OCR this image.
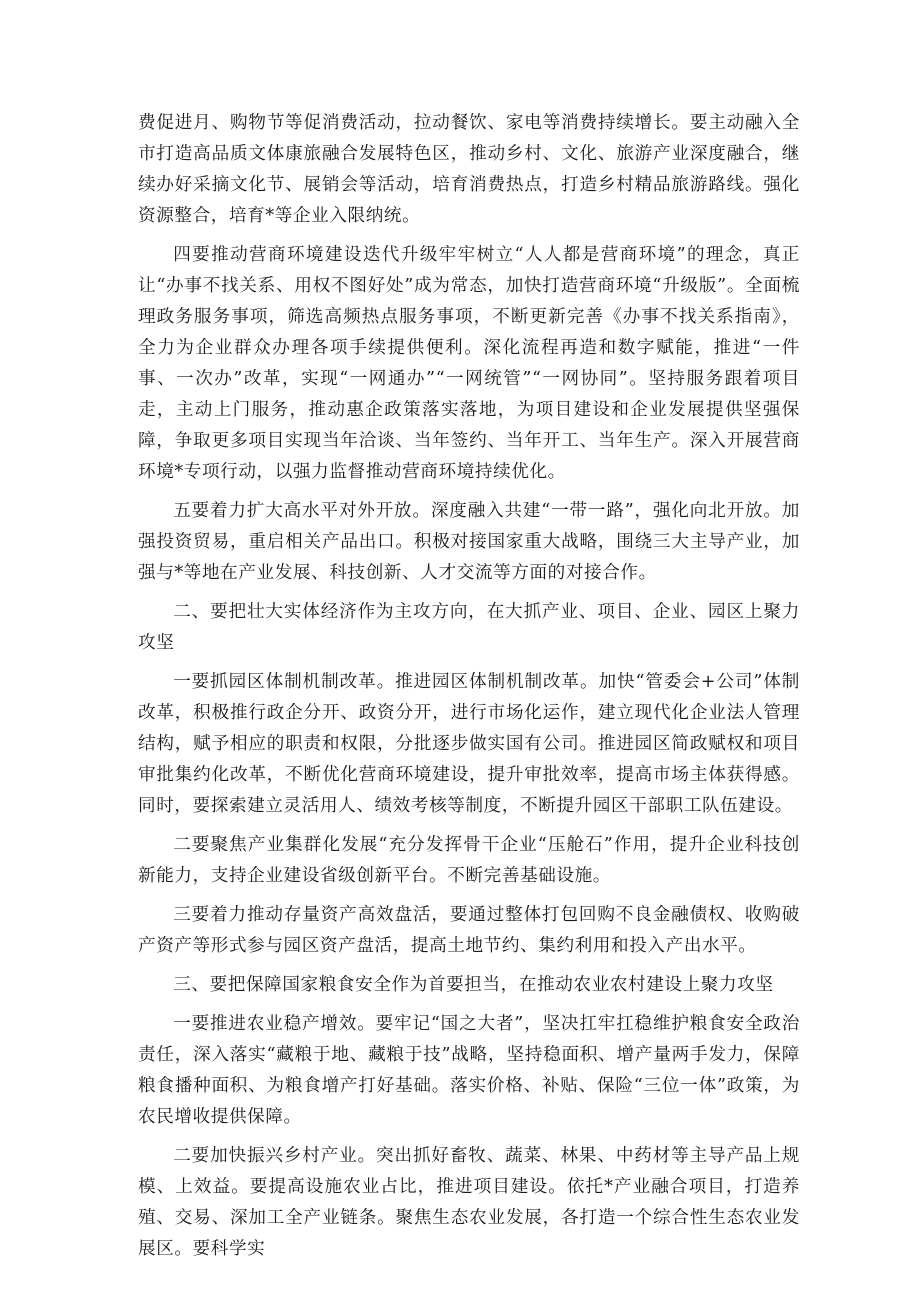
费促进月、购物节等促消费活动，拉动餐饮、家电等消费持续增长。要主动融入全市打造高品质文体康旅融合发展特色区，推动乡村、文化、旅游产业深度融合，继续办好采摘文化节、展销会等活动，培育消费热点，打造乡村精品旅游路线。强化资源整合，培育*等企业入限纳统。

四要推动营商环境建设迭代升级牢牢树立“人人都是营商环境”的理念，真正让“办事不找关系、用权不图好处”成为常态，加快打造营商环境“升级版”。全面梳理政务服务事项，筛选高频热点服务事项，不断更新完善《办事不找关系指南》，全力为企业群众办理各项手续提供便利。深化流程再造和数字赋能，推进“一件事、一次办”改革，实现“一网通办”“一网统管”“一网协同”。坚持服务跟着项目走，主动上门服务，推动惠企政策落实落地，为项目建设和企业发展提供坚强保障，争取更多项目实现当年洽谈、当年签约、当年开工、当年生产。深入开展营商环境*专项行动，以强力监督推动营商环境持续优化。

五要着力扩大高水平对外开放。深度融入共建“一带一路”，强化向北开放。加强投资贸易，重启相关产品出口。积极对接国家重大战略，围绕三大主导产业，加强与*等地在产业发展、科技创新、人才交流等方面的对接合作。

二、要把壮大实体经济作为主攻方向，在大抓产业、项目、企业、园区上聚力攻坚

一要抓园区体制机制改革。推进园区体制机制改革。加快“管委会+公司”体制改革，积极推行政企分开、政资分开，进行市场化运作，建立现代化企业法人管理结构，赋予相应的职责和权限，分批逐步做实国有公司。推进园区简政赋权和项目审批集约化改革，不断优化营商环境建设，提升审批效率，提高市场主体获得感。同时，要探索建立灵活用人、绩效考核等制度，不断提升园区干部职工队伍建设。

二要聚焦产业集群化发展“充分发挥骨干企业“压舱石”作用，提升企业科技创新能力，支持企业建设省级创新平台。不断完善基础设施。

三要着力推动存量资产高效盘活，要通过整体打包回购不良金融债权、收购破产资产等形式参与园区资产盘活，提高土地节约、集约利用和投入产出水平。

三、要把保障国家粮食安全作为首要担当，在推动农业农村建设上聚力攻坚

一要推进农业稳产增效。要牢记“国之大者”，坚决扛牢扛稳维护粮食安全政治责任，深入落实“藏粮于地、藏粮于技”战略，坚持稳面积、增产量两手发力，保障粮食播种面积、为粮食增产打好基础。落实价格、补贴、保险“三位一体”政策，为农民增收提供保障。

二要加快振兴乡村产业。突出抓好畜牧、蔬菜、林果、中药材等主导产品上规模、上效益。要提高设施农业占比，推进项目建设。依托*产业融合项目，打造养殖、交易、深加工全产业链条。聚焦生态农业发展，各打造一个综合性生态农业发展区。要科学实
